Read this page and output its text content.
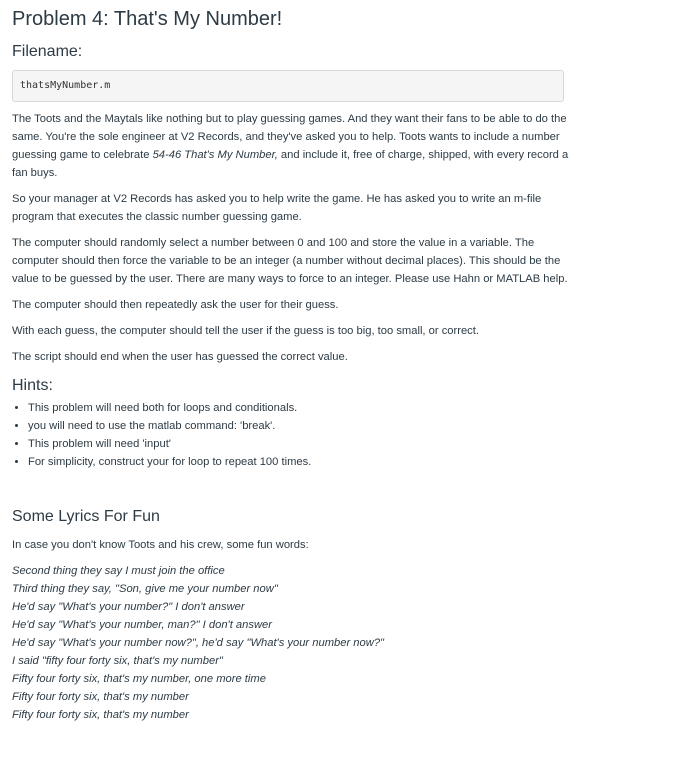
Problem 4: That's My Number!
Filename:
thatsMyNumber.m

The Toots and the Maytals like nothing but to play guessing games. And they want their fans to be able to do the same. You're the sole engineer at V2 Records, and they've asked you to help. Toots wants to include a number guessing game to celebrate 54-46 That's My Number, and include it, free of charge, shipped, with every record a fan buys.

So your manager at V2 Records has asked you to help write the game. He has asked you to write an m-file program that executes the classic number guessing game.

The computer should randomly select a number between 0 and 100 and store the value in a variable. The computer should then force the variable to be an integer (a number without decimal places). This should be the value to be guessed by the user. There are many ways to force to an integer. Please use Hahn or MATLAB help.

The computer should then repeatedly ask the user for their guess.

With each guess, the computer should tell the user if the guess is too big, too small, or correct.

The script should end when the user has guessed the correct value.

Hints:
• This problem will need both for loops and conditionals.
• you will need to use the matlab command: 'break'.
• This problem will need 'input'
• For simplicity, construct your for loop to repeat 100 times.
Some Lyrics For Fun

In case you don't know Toots and his crew, some fun words:

Second thing they say I must join the office
Third thing they say, "Son, give me your number now"
He'd say "What's your number?" I don't answer
He'd say "What's your number, man?" I don't answer
He'd say "What's your number now?", he'd say "What's your number now?"
I said "fifty four forty six, that's my number"
Fifty four forty six, that's my number, one more time
Fifty four forty six, that's my number
Fifty four forty six, that's my number
